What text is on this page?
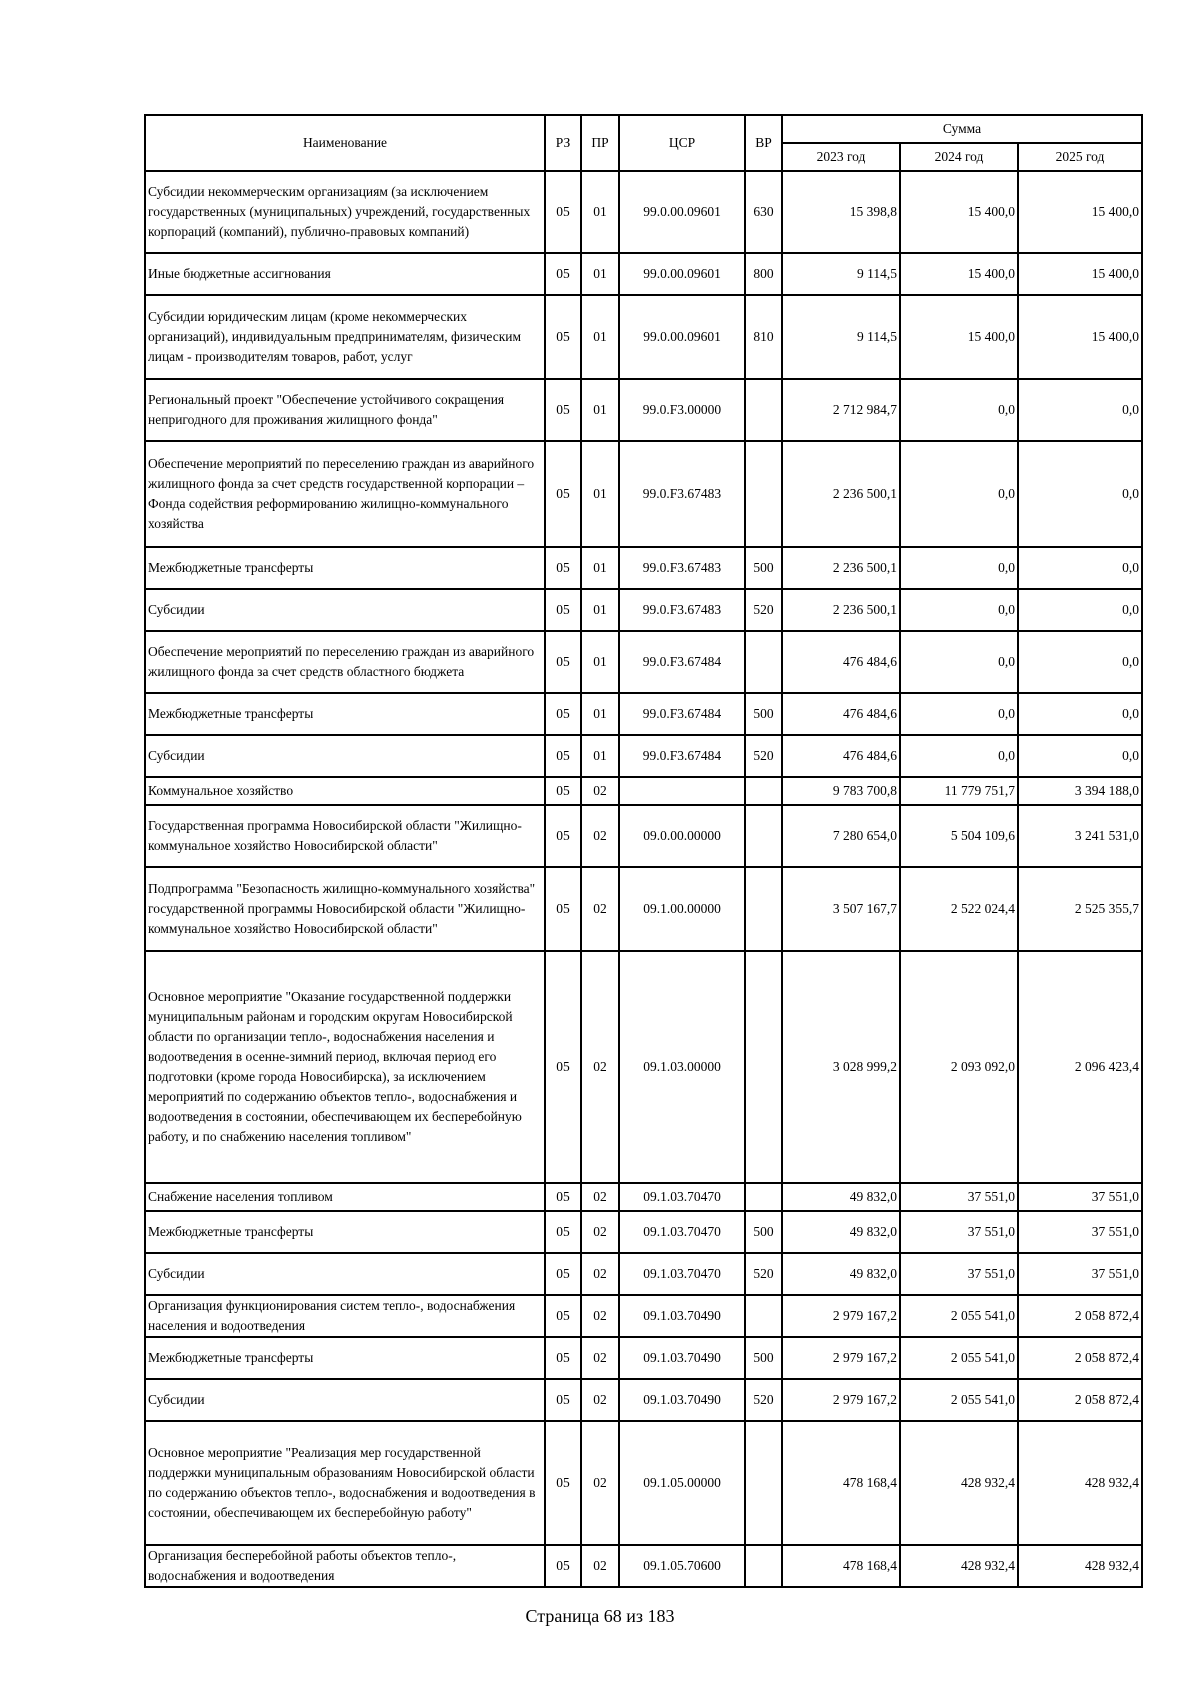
Наименование	РЗ	ПР	ЦСР	ВР	Сумма		
					2023 год	2024 год	2025 год
Субсидии некоммерческим организациям (за исключением государственных (муниципальных) учреждений, государственных корпораций (компаний), публично-правовых компаний)	05	01	99.0.00.09601	630	15 398,8	15 400,0	15 400,0
Иные бюджетные ассигнования	05	01	99.0.00.09601	800	9 114,5	15 400,0	15 400,0
Субсидии юридическим лицам (кроме некоммерческих организаций), индивидуальным предпринимателям, физическим лицам - производителям товаров, работ, услуг	05	01	99.0.00.09601	810	9 114,5	15 400,0	15 400,0
Региональный проект "Обеспечение устойчивого сокращения непригодного для проживания жилищного фонда"	05	01	99.0.F3.00000		2 712 984,7	0,0	0,0
Обеспечение мероприятий по переселению граждан из аварийного жилищного фонда за счет средств государственной корпорации – Фонда содействия реформированию жилищно-коммунального хозяйства	05	01	99.0.F3.67483		2 236 500,1	0,0	0,0
Межбюджетные трансферты	05	01	99.0.F3.67483	500	2 236 500,1	0,0	0,0
Субсидии	05	01	99.0.F3.67483	520	2 236 500,1	0,0	0,0
Обеспечение мероприятий по переселению граждан из аварийного жилищного фонда за счет средств областного бюджета	05	01	99.0.F3.67484		476 484,6	0,0	0,0
Межбюджетные трансферты	05	01	99.0.F3.67484	500	476 484,6	0,0	0,0
Субсидии	05	01	99.0.F3.67484	520	476 484,6	0,0	0,0
Коммунальное хозяйство	05	02			9 783 700,8	11 779 751,7	3 394 188,0
Государственная программа Новосибирской области "Жилищно-коммунальное хозяйство Новосибирской области"	05	02	09.0.00.00000		7 280 654,0	5 504 109,6	3 241 531,0
Подпрограмма "Безопасность жилищно-коммунального хозяйства" государственной программы Новосибирской области "Жилищно-коммунальное хозяйство Новосибирской области"	05	02	09.1.00.00000		3 507 167,7	2 522 024,4	2 525 355,7
Основное мероприятие "Оказание государственной поддержки муниципальным районам и городским округам Новосибирской области по организации тепло-, водоснабжения населения и водоотведения в осенне-зимний период, включая период его подготовки (кроме города Новосибирска), за исключением мероприятий по содержанию объектов тепло-, водоснабжения и водоотведения в состоянии, обеспечивающем их бесперебойную работу, и по снабжению населения топливом"	05	02	09.1.03.00000		3 028 999,2	2 093 092,0	2 096 423,4
Снабжение населения топливом	05	02	09.1.03.70470		49 832,0	37 551,0	37 551,0
Межбюджетные трансферты	05	02	09.1.03.70470	500	49 832,0	37 551,0	37 551,0
Субсидии	05	02	09.1.03.70470	520	49 832,0	37 551,0	37 551,0
Организация функционирования систем тепло-, водоснабжения населения и водоотведения	05	02	09.1.03.70490		2 979 167,2	2 055 541,0	2 058 872,4
Межбюджетные трансферты	05	02	09.1.03.70490	500	2 979 167,2	2 055 541,0	2 058 872,4
Субсидии	05	02	09.1.03.70490	520	2 979 167,2	2 055 541,0	2 058 872,4
Основное мероприятие "Реализация мер государственной поддержки муниципальным образованиям Новосибирской области по содержанию объектов тепло-, водоснабжения и водоотведения в состоянии, обеспечивающем их бесперебойную работу"	05	02	09.1.05.00000		478 168,4	428 932,4	428 932,4
Организация бесперебойной работы объектов тепло-, водоснабжения и водоотведения	05	02	09.1.05.70600		478 168,4	428 932,4	428 932,4
Страница 68 из 183
